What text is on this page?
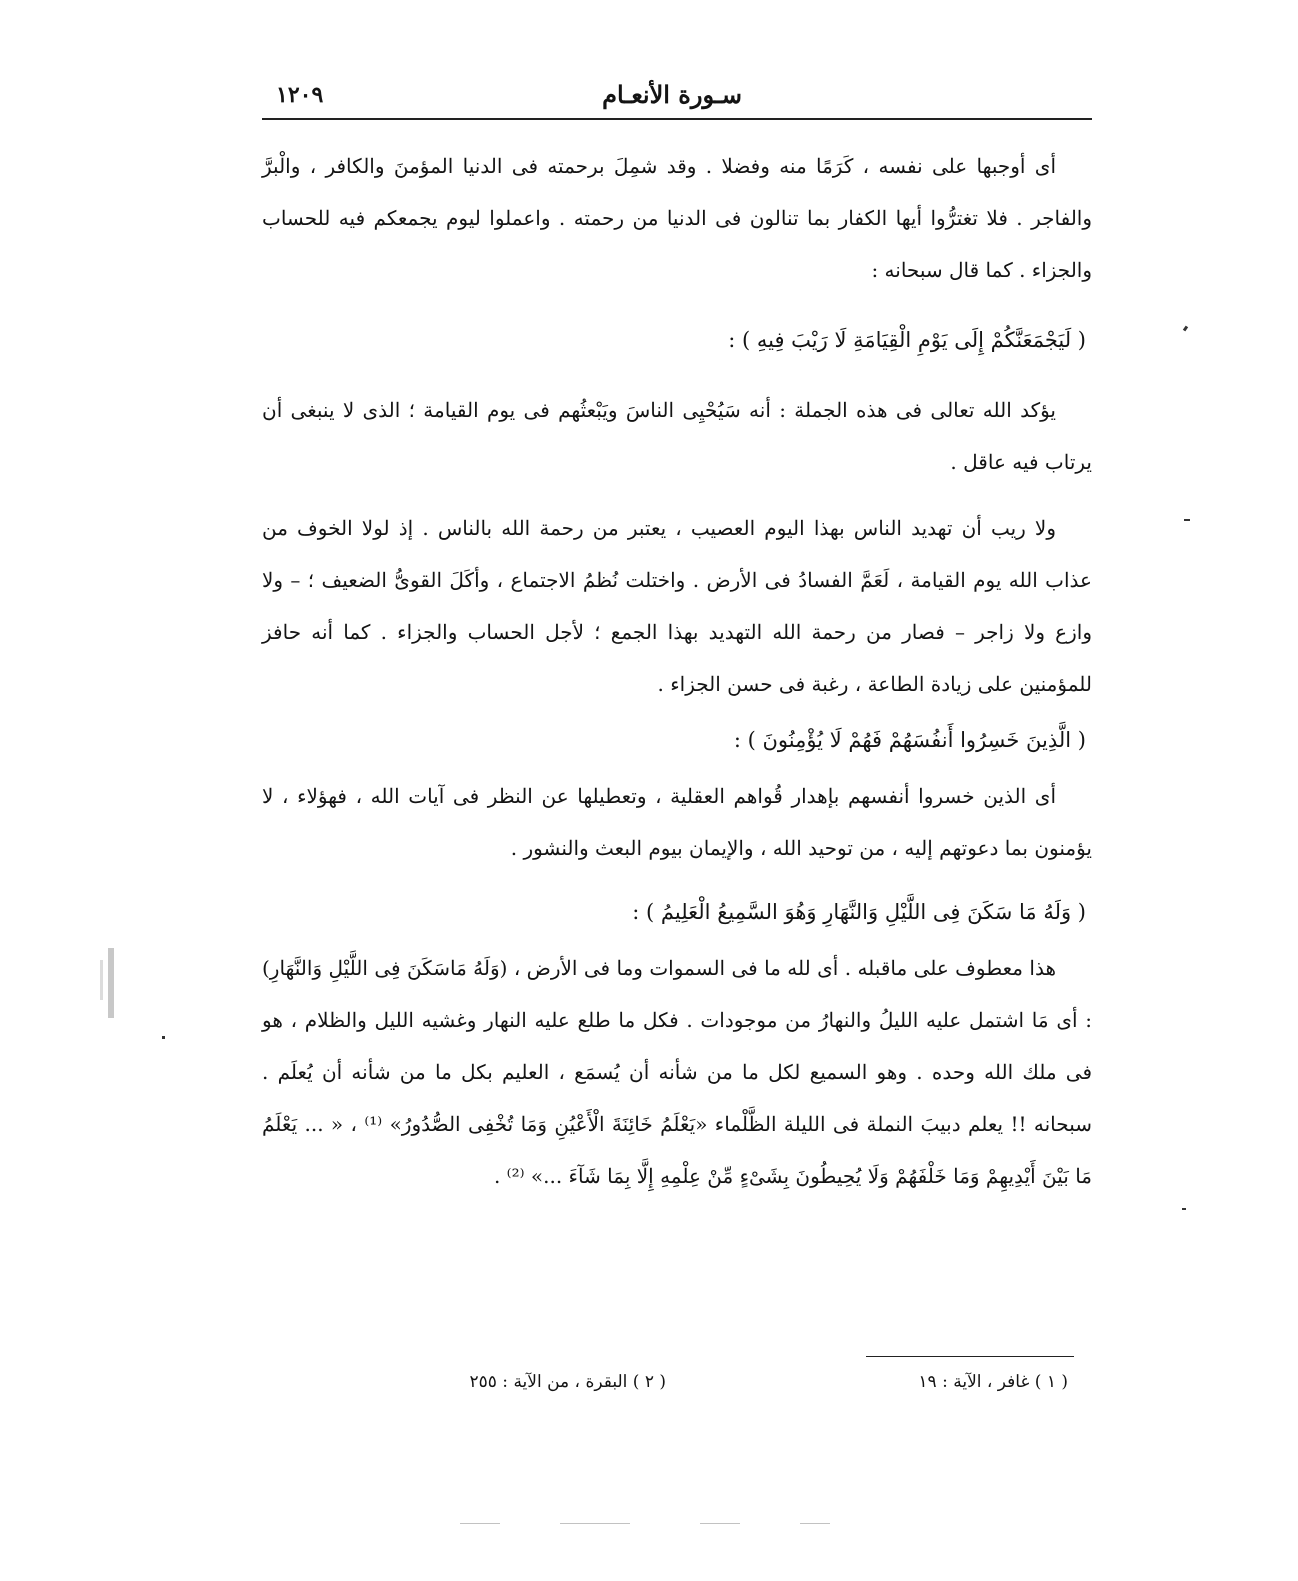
سـورة الأنعـام
١٢٠٩

أى أوجبها على نفسه ، كَرَمًا منه وفضلا . وقد شمِلَ برحمته فى الدنيا المؤمنَ والكافر ، والْبرَّ والفاجر . فلا تغترُّوا أيها الكفار بما تنالون فى الدنيا من رحمته . واعملوا ليوم يجمعكم فيه للحساب والجزاء . كما قال سبحانه :

( لَيَجْمَعَنَّكُمْ إِلَى يَوْمِ الْقِيَامَةِ لَا رَيْبَ فِيهِ ) :

يؤكد الله تعالى فى هذه الجملة : أنه سَيُحْيِى الناسَ ويَبْعثُهم فى يوم القيامة ؛ الذى لا ينبغى أن يرتاب فيه عاقل .

ولا ريب أن تهديد الناس بهذا اليوم العصيب ، يعتبر من رحمة الله بالناس . إذ لولا الخوف من عذاب الله يوم القيامة ، لَعَمَّ الفسادُ فى الأرض . واختلت نُظمُ الاجتماع ، وأكَلَ القوىُّ الضعيف ؛ – ولا وازع ولا زاجر – فصار من رحمة الله التهديد بهذا الجمع ؛ لأجل الحساب والجزاء . كما أنه حافز للمؤمنين على زيادة الطاعة ، رغبة فى حسن الجزاء .

( الَّذِينَ خَسِرُوا أَنفُسَهُمْ فَهُمْ لَا يُؤْمِنُونَ ) :

أى الذين خسروا أنفسهم بإهدار قُواهم العقلية ، وتعطيلها عن النظر فى آيات الله ، فهؤلاء ، لا يؤمنون بما دعوتهم إليه ، من توحيد الله ، والإيمان بيوم البعث والنشور .

( وَلَهُ مَا سَكَنَ فِى اللَّيْلِ وَالنَّهَارِ وَهُوَ السَّمِيعُ الْعَلِيمُ ) :

هذا معطوف على ماقبله . أى لله ما فى السموات وما فى الأرض ، (وَلَهُ مَاسَكَنَ فِى اللَّيْلِ وَالنَّهَارِ) : أى مَا اشتمل عليه الليلُ والنهارُ من موجودات . فكل ما طلع عليه النهار وغشيه الليل والظلام ، هو فى ملك الله وحده . وهو السميع لكل ما من شأنه أن يُسمَع ، العليم بكل ما من شأنه أن يُعلَم . سبحانه !! يعلم دبيبَ النملة فى الليلة الظَّلْماء «يَعْلَمُ خَائِنَةَ الْأَعْيُنِ وَمَا تُخْفِى الصُّدُورُ» ⁽¹⁾ ، « ... يَعْلَمُ مَا بَيْنَ أَيْدِيهِمْ وَمَا خَلْفَهُمْ وَلَا يُحِيطُونَ بِشَىْءٍ مِّنْ عِلْمِهِ إِلَّا بِمَا شَآءَ ...» ⁽²⁾ .

( ١ ) غافر ، الآية : ١٩
( ٢ ) البقرة ، من الآية : ٢٥٥
